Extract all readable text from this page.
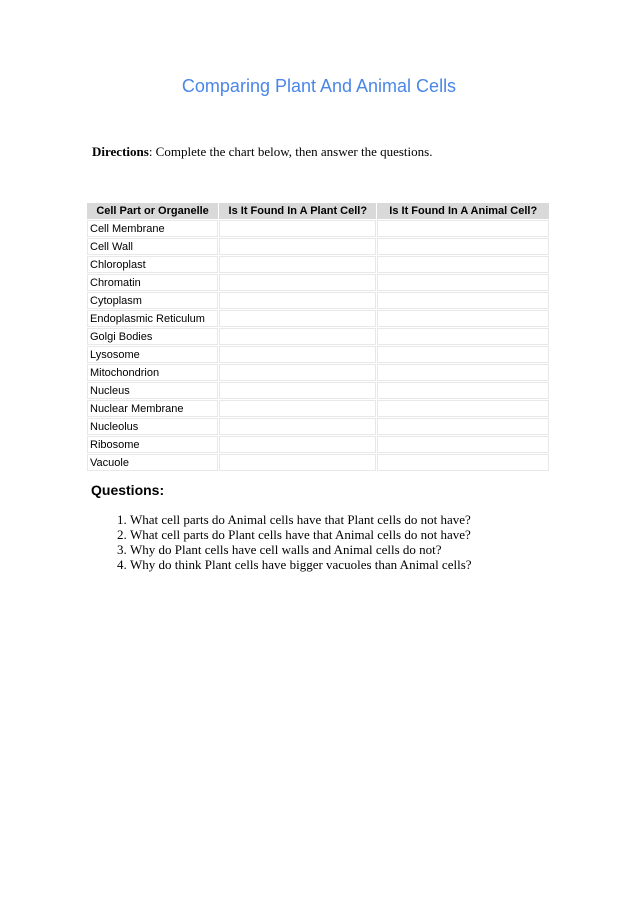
Comparing Plant And Animal Cells

Directions: Complete the chart below, then answer the questions.

Cell Part or Organelle	Is It Found In A Plant Cell?	Is It Found In A Animal Cell?
Cell Membrane		
Cell Wall		
Chloroplast		
Chromatin		
Cytoplasm		
Endoplasmic Reticulum		
Golgi Bodies		
Lysosome		
Mitochondrion		
Nucleus		
Nuclear Membrane		
Nucleolus		
Ribosome		
Vacuole		
Questions:
1. What cell parts do Animal cells have that Plant cells do not have?
2. What cell parts do Plant cells have that Animal cells do not have?
3. Why do Plant cells have cell walls and Animal cells do not?
4. Why do think Plant cells have bigger vacuoles than Animal cells?
